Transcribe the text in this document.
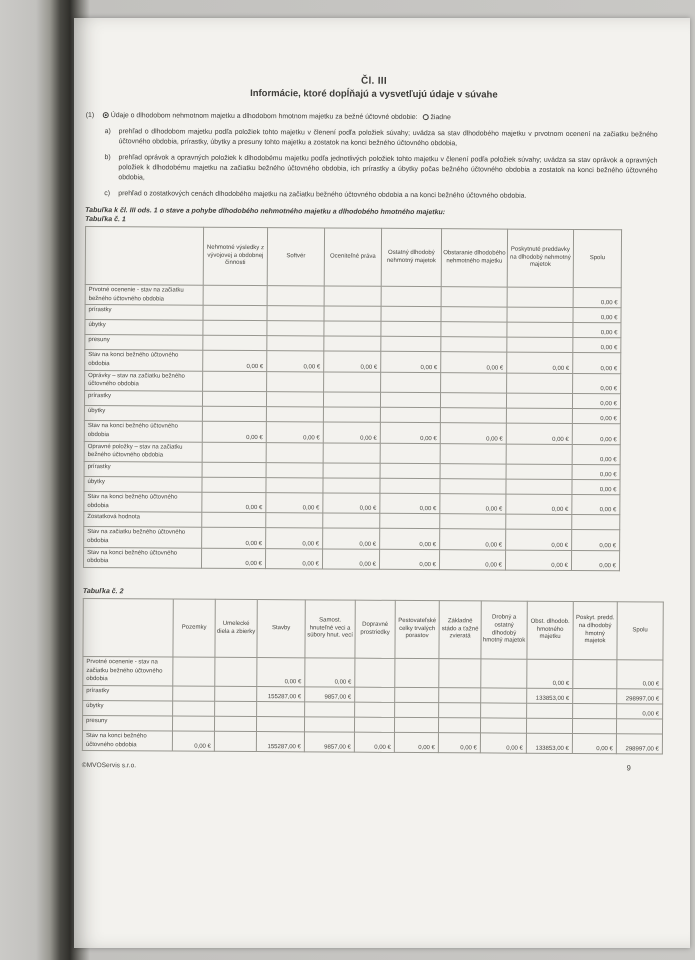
Čl. III
Informácie, ktoré dopĺňajú a vysvetľujú údaje v súvahe
(1)	Údaje o dlhodobom nehmotnom majetku a dlhodobom hmotnom majetku za bežné účtovné obdobie: žiadne
a)	prehľad o dlhodobom majetku podľa položiek tohto majetku v členení podľa položiek súvahy; uvádza sa stav dlhodobého majetku v prvotnom ocenení na začiatku bežného účtovného obdobia, prírastky, úbytky a presuny tohto majetku a zostatok na konci bežného účtovného obdobia,
b)	prehľad oprávok a opravných položiek k dlhodobému majetku podľa jednotlivých položiek tohto majetku v členení podľa položiek súvahy; uvádza sa stav oprávok a opravných položiek k dlhodobému majetku na začiatku bežného účtovného obdobia, ich prírastky a úbytky počas bežného účtovného obdobia a zostatok na konci bežného účtovného obdobia,
c)	prehľad o zostatkových cenách dlhodobého majetku na začiatku bežného účtovného obdobia a na konci bežného účtovného obdobia.
Tabuľka k čl. III ods. 1 o stave a pohybe dlhodobého nehmotného majetku a dlhodobého hmotného majetku:
Tabuľka č. 1
	Nehmotné výsledky z vývojovej a obdobnej činnosti	Softvér	Oceniteľné práva	Ostatný dlhodobý nehmotný majetok	Obstaranie dlhodobého nehmotného majetku	Poskytnuté preddavky na dlhodobý nehmotný majetok	Spolu
Prvotné ocenenie - stav na začiatku bežného účtovného obdobia							0,00 €
prírastky							0,00 €
úbytky							0,00 €
presuny							0,00 €
Stav na konci bežného účtovného obdobia	0,00 €	0,00 €	0,00 €	0,00 €	0,00 €	0,00 €	0,00 €
Oprávky – stav na začiatku bežného účtovného obdobia							0,00 €
prírastky							0,00 €
úbytky							0,00 €
Stav na konci bežného účtovného obdobia	0,00 €	0,00 €	0,00 €	0,00 €	0,00 €	0,00 €	0,00 €
Opravné položky – stav na začiatku bežného účtovného obdobia							0,00 €
prírastky							0,00 €
úbytky							0,00 €
Stav na konci bežného účtovného obdobia	0,00 €	0,00 €	0,00 €	0,00 €	0,00 €	0,00 €	0,00 €
Zostatková hodnota							
Stav na začiatku bežného účtovného obdobia	0,00 €	0,00 €	0,00 €	0,00 €	0,00 €	0,00 €	0,00 €
Stav na konci bežného účtovného obdobia	0,00 €	0,00 €	0,00 €	0,00 €	0,00 €	0,00 €	0,00 €
Tabuľka č. 2
	Pozemky	Umelecké diela a zbierky	Stavby	Samost. hnuteľné veci a súbory hnut. vecí	Dopravné prostriedky	Pestovateľské celky trvalých porastov	Základné stádo a ťažné zvieratá	Drobný a ostatný dlhodobý hmotný majetok	Obst. dlhodob. hmotného majetku	Poskyt. predd. na dlhodobý hmotný majetok	Spolu
Prvotné ocenenie - stav na začiatku bežného účtovného obdobia			0,00 €	0,00 €					0,00 €		0,00 €
prírastky			155287,00 €	9857,00 €					133853,00 €		298997,00 €
úbytky											0,00 €
presuny											
Stav na konci bežného účtovného obdobia	0,00 €		155287,00 €	9857,00 €	0,00 €	0,00 €	0,00 €	0,00 €	133853,00 €	0,00 €	298997,00 €
©MVOServis s.r.o.	9
